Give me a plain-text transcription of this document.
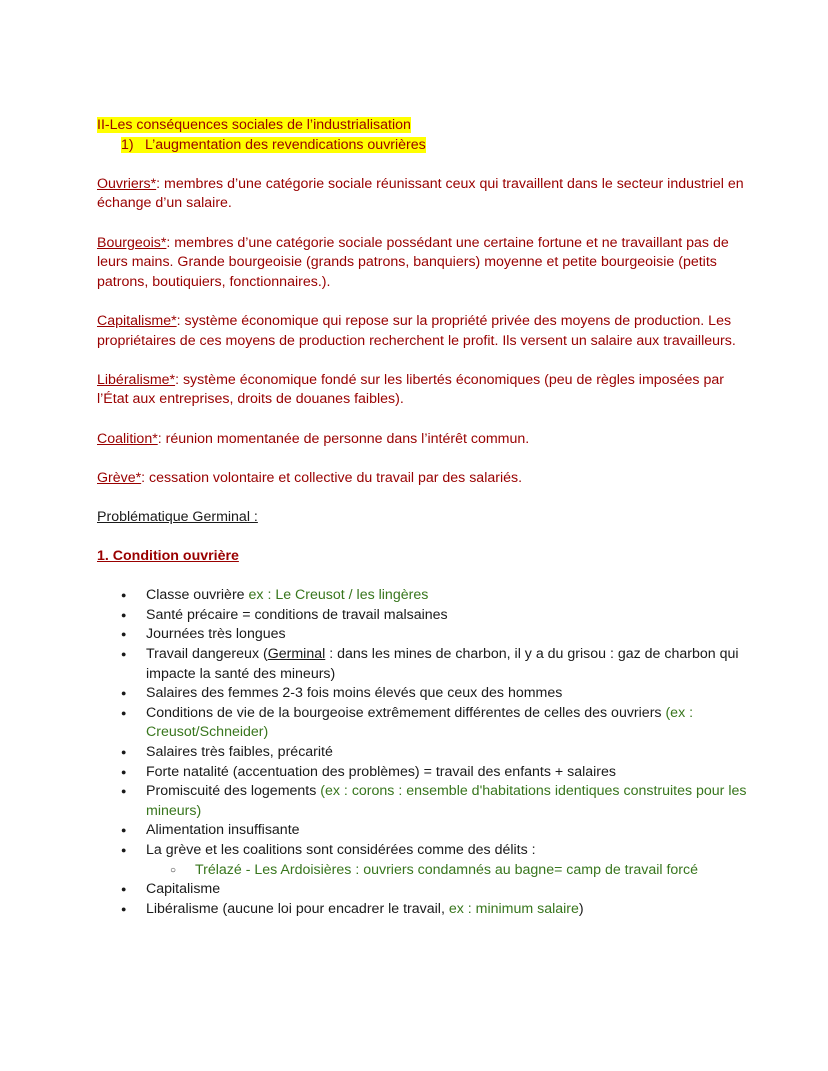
II-Les conséquences sociales de l’industrialisation
1) L’augmentation des revendications ouvrières

Ouvriers*: membres d’une catégorie sociale réunissant ceux qui travaillent dans le secteur industriel en échange d’un salaire.

Bourgeois*: membres d’une catégorie sociale possédant une certaine fortune et ne travaillant pas de leurs mains. Grande bourgeoisie (grands patrons, banquiers) moyenne et petite bourgeoisie (petits patrons, boutiquiers, fonctionnaires.).

Capitalisme*: système économique qui repose sur la propriété privée des moyens de production. Les propriétaires de ces moyens de production recherchent le profit. Ils versent un salaire aux travailleurs.

Libéralisme*: système économique fondé sur les libertés économiques (peu de règles imposées par l’État aux entreprises, droits de douanes faibles).

Coalition*: réunion momentanée de personne dans l’intérêt commun.

Grève*: cessation volontaire et collective du travail par des salariés.

Problématique Germinal :
1. Condition ouvrière
● Classe ouvrière ex : Le Creusot / les lingères
● Santé précaire = conditions de travail malsaines
● Journées très longues
● Travail dangereux (Germinal : dans les mines de charbon, il y a du grisou : gaz de charbon qui impacte la santé des mineurs)
● Salaires des femmes 2-3 fois moins élevés que ceux des hommes
● Conditions de vie de la bourgeoise extrêmement différentes de celles des ouvriers (ex : Creusot/Schneider)
● Salaires très faibles, précarité
● Forte natalité (accentuation des problèmes) = travail des enfants + salaires
● Promiscuité des logements (ex : corons : ensemble d'habitations identiques construites pour les mineurs)
● Alimentation insuffisante
● La grève et les coalitions sont considérées comme des délits :
○ Trélazé - Les Ardoisières : ouvriers condamnés au bagne= camp de travail forcé
● Capitalisme
● Libéralisme (aucune loi pour encadrer le travail, ex : minimum salaire)
